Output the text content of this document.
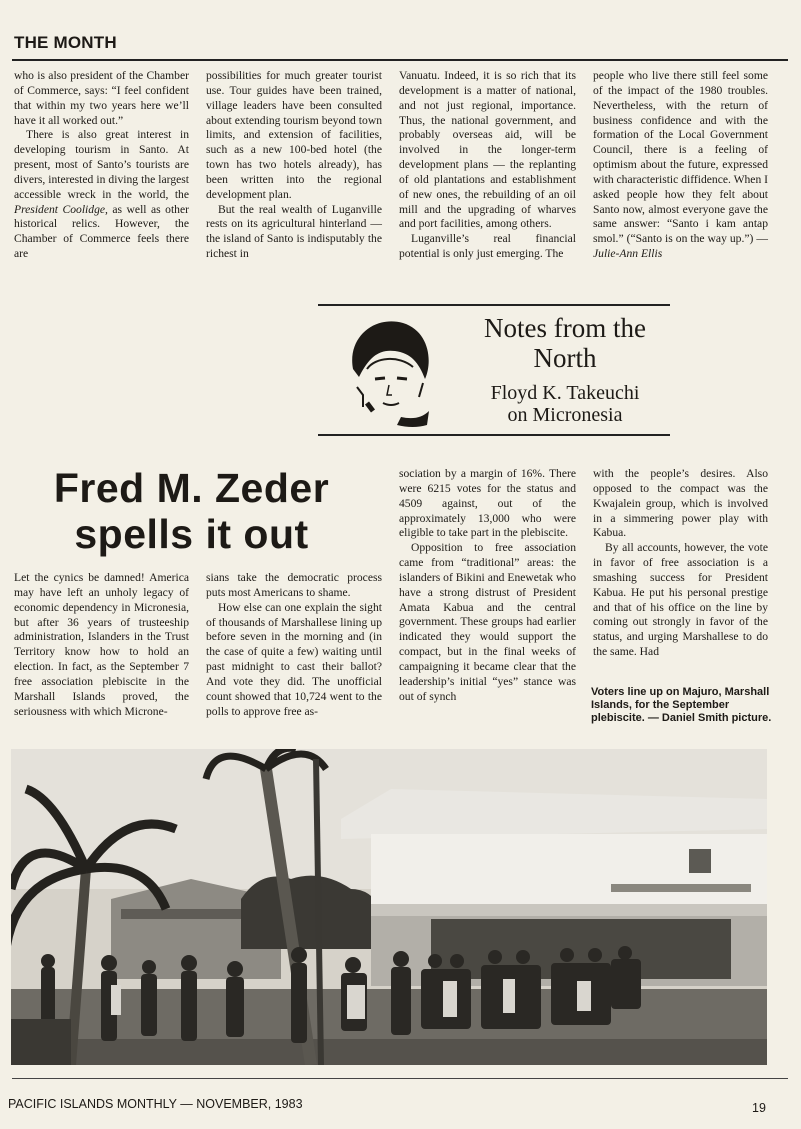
THE MONTH

who is also president of the Chamber of Commerce, says: “I feel confident that within my two years here we’ll have it all worked out.”

There is also great interest in developing tourism in Santo. At present, most of Santo’s tourists are divers, interested in diving the largest accessible wreck in the world, the President Coolidge, as well as other historical relics. However, the Chamber of Commerce feels there are

possibilities for much greater tourist use. Tour guides have been trained, village leaders have been consulted about extending tourism beyond town limits, and extension of facilities, such as a new 100-bed hotel (the town has two hotels already), has been written into the regional development plan.

But the real wealth of Luganville rests on its agricultural hinterland — the island of Santo is indisputably the richest in

Vanuatu. Indeed, it is so rich that its development is a matter of national, and not just regional, importance. Thus, the national government, and probably overseas aid, will be involved in the longer-term development plans — the replanting of old plantations and establishment of new ones, the rebuilding of an oil mill and the upgrading of wharves and port facilities, among others.

Luganville’s real financial potential is only just emerging. The

people who live there still feel some of the impact of the 1980 troubles. Nevertheless, with the return of business confidence and with the formation of the Local Government Council, there is a feeling of optimism about the future, expressed with characteristic diffidence. When I asked people how they felt about Santo now, almost everyone gave the same answer: “Santo i kam antap smol.” (“Santo is on the way up.”) — Julie-Ann Ellis

Notes from the North
Floyd K. Takeuchi
on Micronesia
Fred M. Zeder spells it out

Let the cynics be damned! America may have left an unholy legacy of economic dependency in Micronesia, but after 36 years of trusteeship administration, Islanders in the Trust Territory know how to hold an election. In fact, as the September 7 free association plebiscite in the Marshall Islands proved, the seriousness with which Microne-

sians take the democratic process puts most Americans to shame.

How else can one explain the sight of thousands of Marshallese lining up before seven in the morning and (in the case of quite a few) waiting until past midnight to cast their ballot? And vote they did. The unofficial count showed that 10,724 went to the polls to approve free as-

sociation by a margin of 16%. There were 6215 votes for the status and 4509 against, out of the approximately 13,000 who were eligible to take part in the plebiscite.

Opposition to free association came from “traditional” areas: the islanders of Bikini and Enewetak who have a strong distrust of President Amata Kabua and the central government. These groups had earlier indicated they would support the compact, but in the final weeks of campaigning it became clear that the leadership’s initial “yes” stance was out of synch

with the people’s desires. Also opposed to the compact was the Kwajalein group, which is involved in a simmering power play with Kabua.

By all accounts, however, the vote in favor of free association is a smashing success for President Kabua. He put his personal prestige and that of his office on the line by coming out strongly in favor of the status, and urging Marshallese to do the same. Had

Voters line up on Majuro, Marshall Islands, for the September plebiscite. — Daniel Smith picture.
PACIFIC ISLANDS MONTHLY — NOVEMBER, 1983	19
